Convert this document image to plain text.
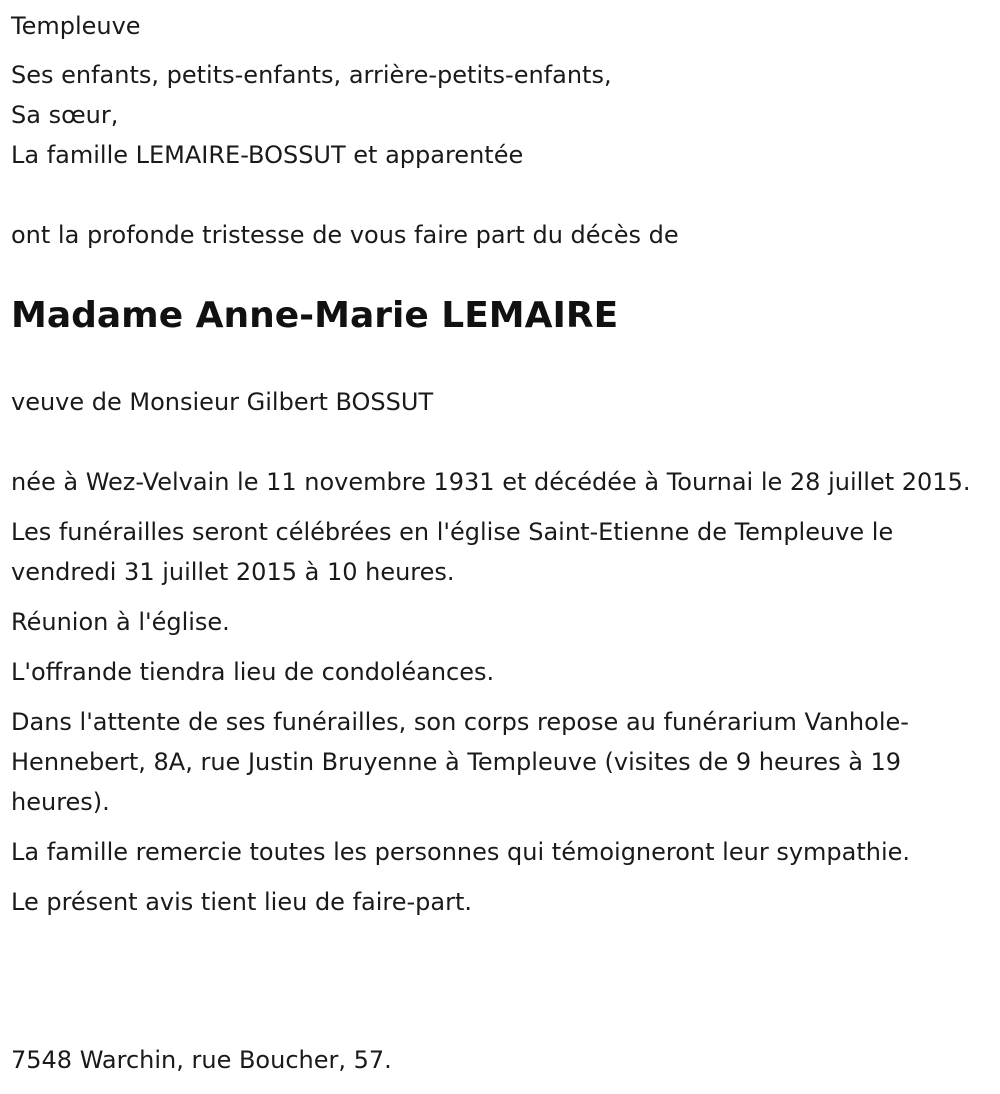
Templeuve

Ses enfants, petits-enfants, arrière-petits-enfants,

Sa sœur,

La famille LEMAIRE-BOSSUT et apparentée

ont la profonde tristesse de vous faire part du décès de

Madame Anne-Marie LEMAIRE

veuve de Monsieur Gilbert BOSSUT

née à Wez-Velvain le 11 novembre 1931 et décédée à Tournai le 28 juillet 2015.

Les funérailles seront célébrées en l'église Saint-Etienne de Templeuve le vendredi 31 juillet 2015 à 10 heures.

Réunion à l'église.

L'offrande tiendra lieu de condoléances.

Dans l'attente de ses funérailles, son corps repose au funérarium Vanhole-Hennebert, 8A, rue Justin Bruyenne à Templeuve (visites de 9 heures à 19 heures).

La famille remercie toutes les personnes qui témoigneront leur sympathie.

Le présent avis tient lieu de faire-part.

7548 Warchin, rue Boucher, 57.
